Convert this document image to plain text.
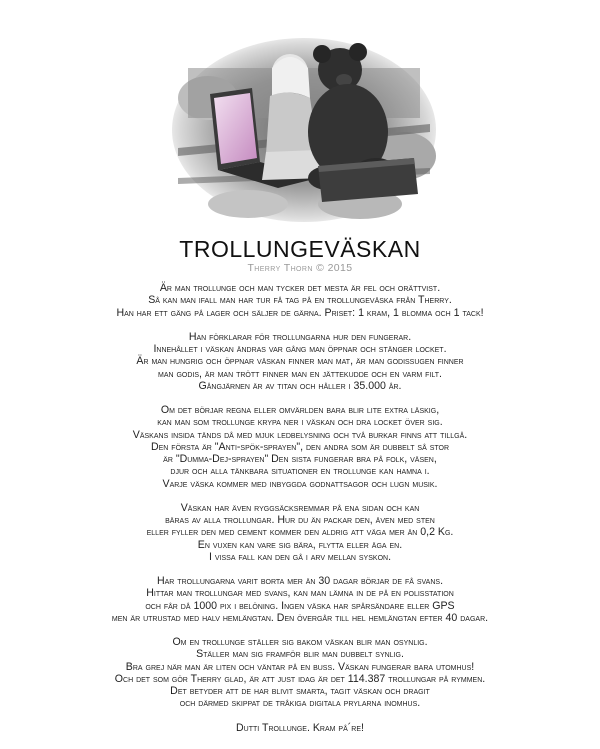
THERRY
TROLLUNGEVÄSKAN
Therry Thorn © 2015
Är man trollunge och man tycker det mesta är fel och orättvist.
Så kan man ifall man har tur få tag på en trollungeväska från Therry.
Han har ett gäng på lager och säljer de gärna. Priset: 1 kram, 1 blomma och 1 tack!
Han förklarar för trollungarna hur den fungerar.
Innehållet i väskan ändras var gång man öppnar och stänger locket.
Är man hungrig och öppnar väskan finner man mat, är man godissugen finner
man godis, är man trött finner man en jättekudde och en varm filt.
Gångjärnen är av titan och håller i 35.000 år.
Om det börjar regna eller omvärlden bara blir lite extra läskig,
kan man som trollunge krypa ner i väskan och dra locket över sig.
Väskans insida tänds då med mjuk ledbelysning och två burkar finns att tillgå.
Den första är "Anti-spök-sprayen", den andra som är dubbelt så stor
är "Dumma-Dej-sprayen" Den sista fungerar bra på folk, väsen,
djur och alla tänkbara situationer en trollunge kan hamna i.
Varje väska kommer med inbyggda godnattsagor och lugn musik.
Väskan har även ryggsäcksremmar på ena sidan och kan
bäras av alla trollungar. Hur du än packar den, även med sten
eller fyller den med cement kommer den aldrig att väga mer än 0,2 Kg.
En vuxen kan vare sig bära, flytta eller äga en.
I vissa fall kan den gå i arv mellan syskon.
Har trollungarna varit borta mer än 30 dagar börjar de få svans.
Hittar man trollungar med svans, kan man lämna in de på en polisstation
och får då 1000 pix i belöning. Ingen väska har spårsändare eller GPS
men är utrustad med halv hemlängtan. Den övergår till hel hemlängtan efter 40 dagar.
Om en trollunge ställer sig bakom väskan blir man osynlig.
Ställer man sig framför blir man dubbelt synlig.
Bra grej när man är liten och väntar på en buss. Väskan fungerar bara utomhus!
Och det som gör Therry glad, är att just idag är det 114.387 trollungar på rymmen.
Det betyder att de har blivit smarta, tagit väskan och dragit
och därmed skippat de tråkiga digitala prylarna inomhus.
Dutti Trollunge. Kram på´re!
